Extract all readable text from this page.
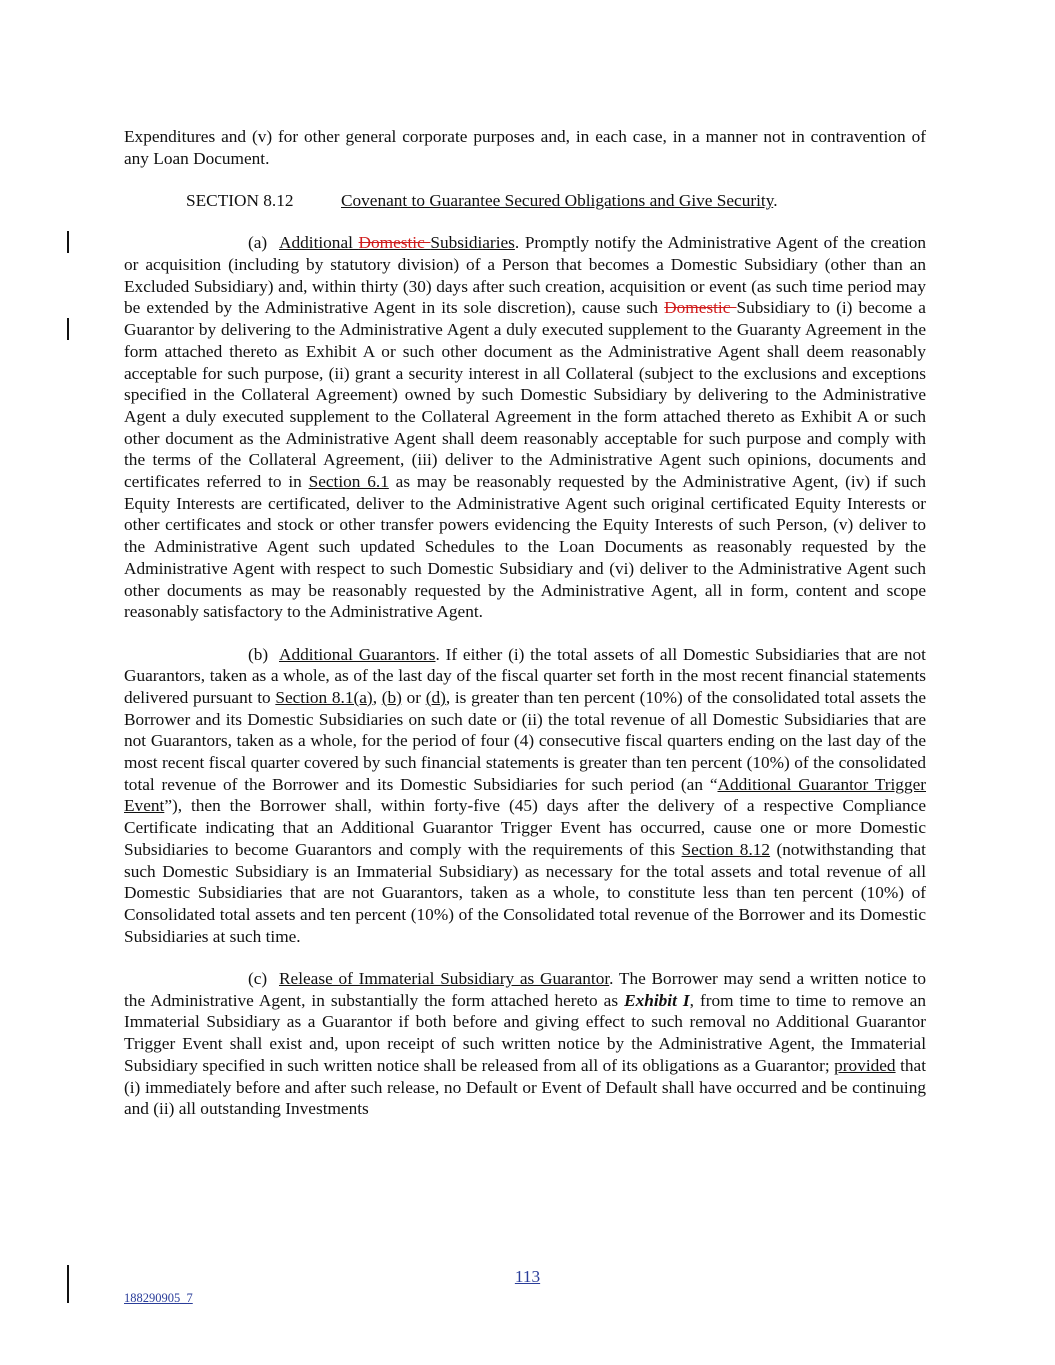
Expenditures and (v) for other general corporate purposes and, in each case, in a manner not in contravention of any Loan Document.

SECTION 8.12	Covenant to Guarantee Secured Obligations and Give Security.

(a) Additional Domestic Subsidiaries. Promptly notify the Administrative Agent of the creation or acquisition (including by statutory division) of a Person that becomes a Domestic Subsidiary (other than an Excluded Subsidiary) and, within thirty (30) days after such creation, acquisition or event (as such time period may be extended by the Administrative Agent in its sole discretion), cause such Domestic Subsidiary to (i) become a Guarantor by delivering to the Administrative Agent a duly executed supplement to the Guaranty Agreement in the form attached thereto as Exhibit A or such other document as the Administrative Agent shall deem reasonably acceptable for such purpose, (ii) grant a security interest in all Collateral (subject to the exclusions and exceptions specified in the Collateral Agreement) owned by such Domestic Subsidiary by delivering to the Administrative Agent a duly executed supplement to the Collateral Agreement in the form attached thereto as Exhibit A or such other document as the Administrative Agent shall deem reasonably acceptable for such purpose and comply with the terms of the Collateral Agreement, (iii) deliver to the Administrative Agent such opinions, documents and certificates referred to in Section 6.1 as may be reasonably requested by the Administrative Agent, (iv) if such Equity Interests are certificated, deliver to the Administrative Agent such original certificated Equity Interests or other certificates and stock or other transfer powers evidencing the Equity Interests of such Person, (v) deliver to the Administrative Agent such updated Schedules to the Loan Documents as reasonably requested by the Administrative Agent with respect to such Domestic Subsidiary and (vi) deliver to the Administrative Agent such other documents as may be reasonably requested by the Administrative Agent, all in form, content and scope reasonably satisfactory to the Administrative Agent.

(b) Additional Guarantors. If either (i) the total assets of all Domestic Subsidiaries that are not Guarantors, taken as a whole, as of the last day of the fiscal quarter set forth in the most recent financial statements delivered pursuant to Section 8.1(a), (b) or (d), is greater than ten percent (10%) of the consolidated total assets the Borrower and its Domestic Subsidiaries on such date or (ii) the total revenue of all Domestic Subsidiaries that are not Guarantors, taken as a whole, for the period of four (4) consecutive fiscal quarters ending on the last day of the most recent fiscal quarter covered by such financial statements is greater than ten percent (10%) of the consolidated total revenue of the Borrower and its Domestic Subsidiaries for such period (an “Additional Guarantor Trigger Event”), then the Borrower shall, within forty-five (45) days after the delivery of a respective Compliance Certificate indicating that an Additional Guarantor Trigger Event has occurred, cause one or more Domestic Subsidiaries to become Guarantors and comply with the requirements of this Section 8.12 (notwithstanding that such Domestic Subsidiary is an Immaterial Subsidiary) as necessary for the total assets and total revenue of all Domestic Subsidiaries that are not Guarantors, taken as a whole, to constitute less than ten percent (10%) of Consolidated total assets and ten percent (10%) of the Consolidated total revenue of the Borrower and its Domestic Subsidiaries at such time.

(c) Release of Immaterial Subsidiary as Guarantor. The Borrower may send a written notice to the Administrative Agent, in substantially the form attached hereto as Exhibit I, from time to time to remove an Immaterial Subsidiary as a Guarantor if both before and giving effect to such removal no Additional Guarantor Trigger Event shall exist and, upon receipt of such written notice by the Administrative Agent, the Immaterial Subsidiary specified in such written notice shall be released from all of its obligations as a Guarantor; provided that (i) immediately before and after such release, no Default or Event of Default shall have occurred and be continuing and (ii) all outstanding Investments

113
188290905_7
